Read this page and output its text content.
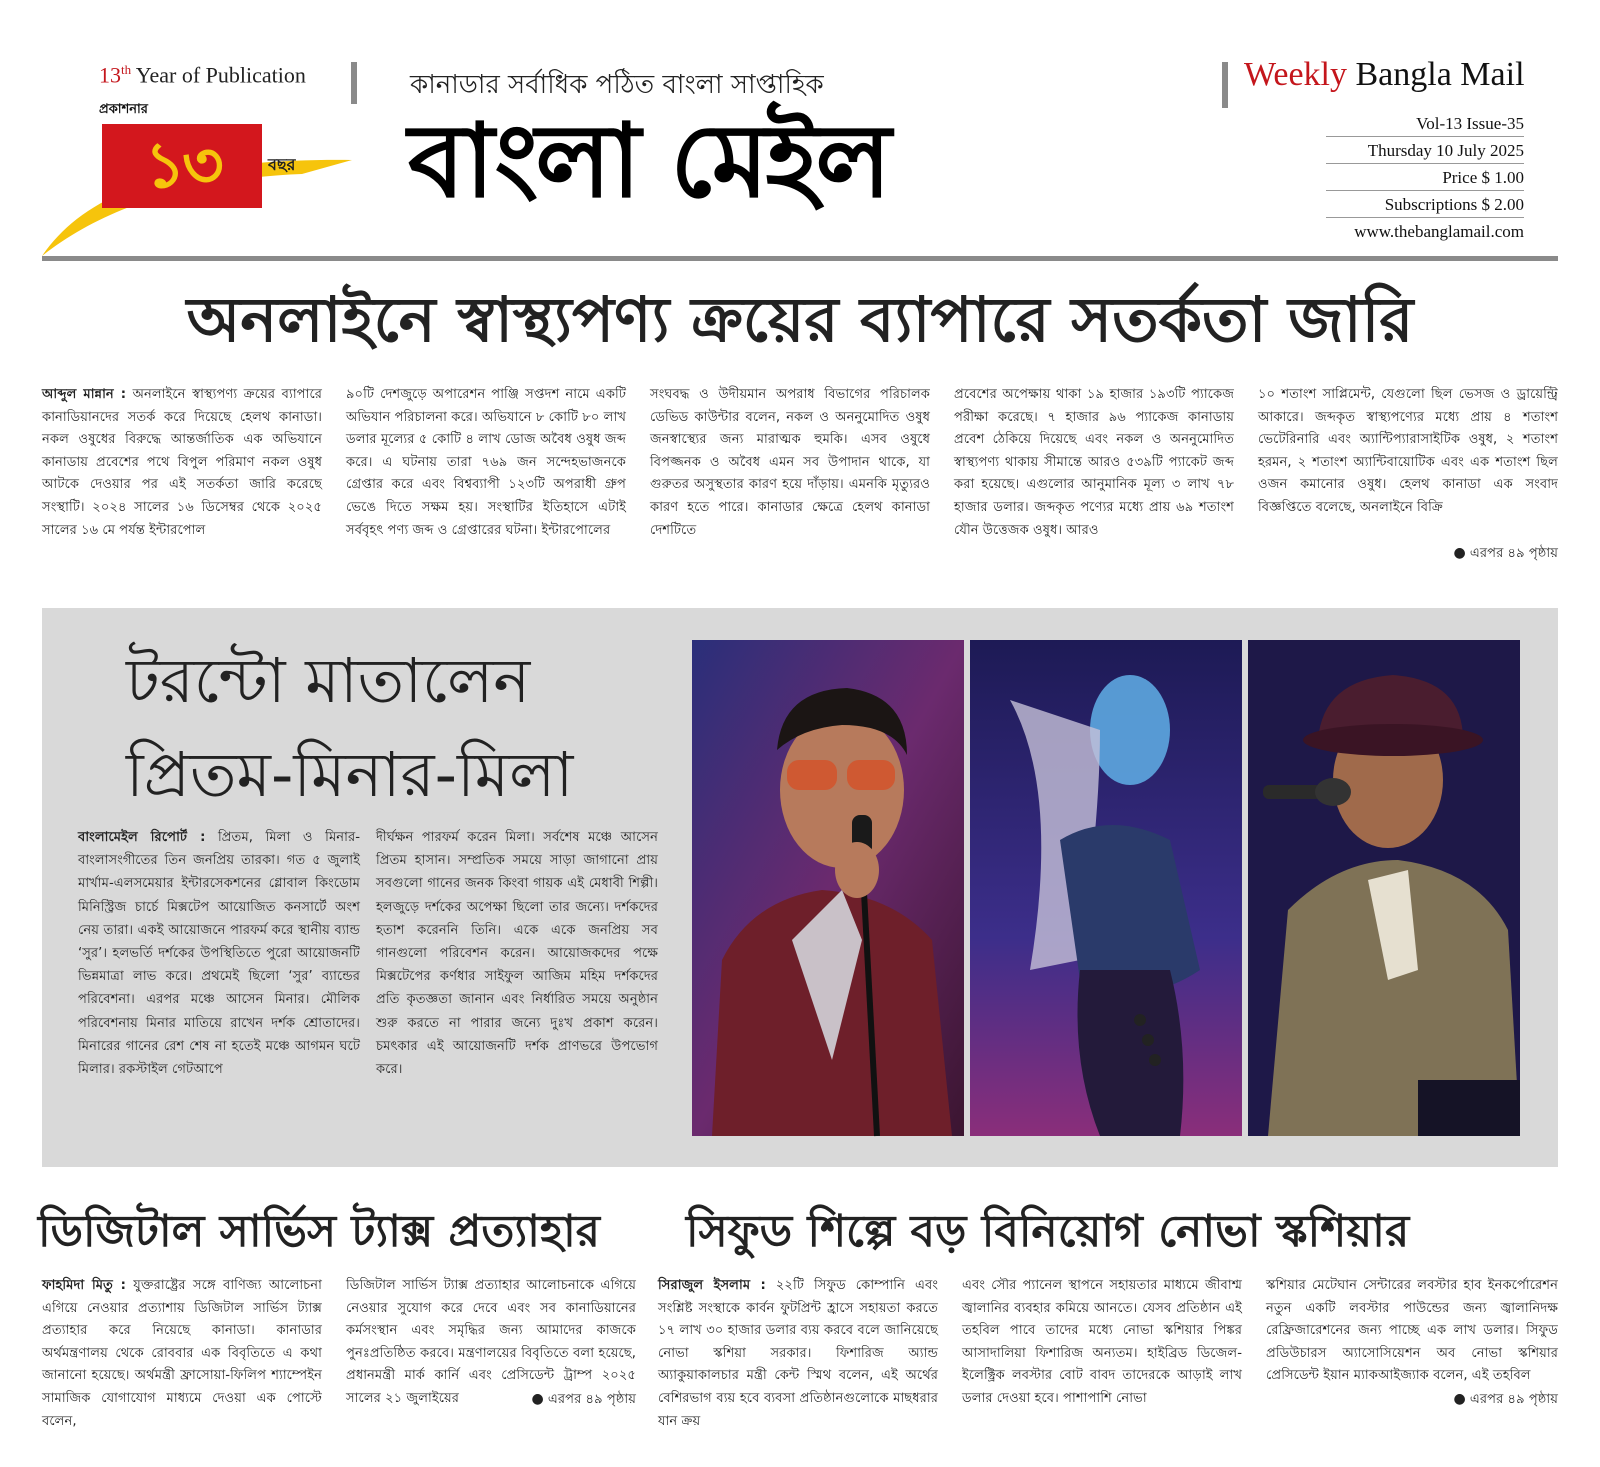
13th Year of Publication
প্রকাশনার
১৩	বছর
কানাডার সর্বাধিক পঠিত বাংলা সাপ্তাহিক
বাংলা মেইল
Weekly Bangla Mail
Vol-13 Issue-35
Thursday 10 July 2025
Price $ 1.00
Subscriptions $ 2.00
www.thebanglamail.com
অনলাইনে স্বাস্থ্যপণ্য ক্রয়ের ব্যাপারে সতর্কতা জারি
আব্দুল মান্নান : অনলাইনে স্বাস্থ্যপণ্য ক্রয়ের ব্যাপারে কানাডিয়ানদের সতর্ক করে দিয়েছে হেলথ কানাডা। নকল ওষুধের বিরুদ্ধে আন্তর্জাতিক এক অভিযানে কানাডায় প্রবেশের পথে বিপুল পরিমাণ নকল ওষুধ আটকে দেওয়ার পর এই সতর্কতা জারি করেছে সংস্থাটি। ২০২৪ সালের ১৬ ডিসেম্বর থেকে ২০২৫ সালের ১৬ মে পর্যন্ত ইন্টারপোল
৯০টি দেশজুড়ে অপারেশন পাঞ্জি সপ্তদশ নামে একটি অভিযান পরিচালনা করে। অভিযানে ৮ কোটি ৮০ লাখ ডলার মূল্যের ৫ কোটি ৪ লাখ ডোজ অবৈধ ওষুধ জব্দ করে। এ ঘটনায় তারা ৭৬৯ জন সন্দেহভাজনকে গ্রেপ্তার করে এবং বিশ্বব্যাপী ১২৩টি অপরাধী গ্রুপ ভেঙে দিতে সক্ষম হয়। সংস্থাটির ইতিহাসে এটাই সর্ববৃহৎ পণ্য জব্দ ও গ্রেপ্তারের ঘটনা। ইন্টারপোলের
সংঘবদ্ধ ও উদীয়মান অপরাধ বিভাগের পরিচালক ডেভিড কাউন্টার বলেন, নকল ও অননুমোদিত ওষুধ জনস্বাস্থ্যের জন্য মারাত্মক হুমকি। এসব ওষুধে বিপজ্জনক ও অবৈধ এমন সব উপাদান থাকে, যা গুরুতর অসুস্থতার কারণ হয়ে দাঁড়ায়। এমনকি মৃত্যুরও কারণ হতে পারে। কানাডার ক্ষেত্রে হেলথ কানাডা দেশটিতে
প্রবেশের অপেক্ষায় থাকা ১৯ হাজার ১৯৩টি প্যাকেজ পরীক্ষা করেছে। ৭ হাজার ৯৬ প্যাকেজ কানাডায় প্রবেশ ঠেকিয়ে দিয়েছে এবং নকল ও অননুমোদিত স্বাস্থ্যপণ্য থাকায় সীমান্তে আরও ৫৩৯টি প্যাকেট জব্দ করা হয়েছে। এগুলোর আনুমানিক মূল্য ৩ লাখ ৭৮ হাজার ডলার। জব্দকৃত পণ্যের মধ্যে প্রায় ৬৯ শতাংশ যৌন উত্তেজক ওষুধ। আরও
১০ শতাংশ সাপ্লিমেন্ট, যেগুলো ছিল ভেসজ ও ড্রায়েন্ট্রি আকারে। জব্দকৃত স্বাস্থ্যপণ্যের মধ্যে প্রায় ৪ শতাংশ ভেটেরিনারি এবং অ্যান্টিপ্যারাসাইটিক ওষুধ, ২ শতাংশ হরমন, ২ শতাংশ অ্যান্টিবায়োটিক এবং এক শতাংশ ছিল ওজন কমানোর ওষুধ। হেলথ কানাডা এক সংবাদ বিজ্ঞপ্তিতে বলেছে, অনলাইনে বিক্রি
● এরপর ৪৯ পৃষ্ঠায়
টরন্টো মাতালেন
প্রিতম-মিনার-মিলা
বাংলামেইল রিপোর্ট : প্রিতম, মিলা ও মিনার-বাংলাসংগীতের তিন জনপ্রিয় তারকা। গত ৫ জুলাই মার্খাম-এলসমেয়ার ইন্টারসেকশনের গ্লোবাল কিংডোম মিনিস্ট্রিজ চার্চে মিক্সটেপ আয়োজিত কনসার্টে অংশ নেয় তারা। একই আয়োজনে পারফর্ম করে স্থানীয় ব্যান্ড ‘সুর’। হলভর্তি দর্শকের উপস্থিতিতে পুরো আয়োজনটি ভিন্নমাত্রা লাভ করে। প্রথমেই ছিলো ‘সুর’ ব্যান্ডের পরিবেশনা। এরপর মঞ্চে আসেন মিনার। মৌলিক পরিবেশনায় মিনার মাতিয়ে রাখেন দর্শক শ্রোতাদের। মিনারের গানের রেশ শেষ না হতেই মঞ্চে আগমন ঘটে মিলার। রকস্টাইল গেটআপে
দীর্ঘক্ষন পারফর্ম করেন মিলা। সর্বশেষ মঞ্চে আসেন প্রিতম হাসান। সম্প্রতিক সময়ে সাড়া জাগানো প্রায় সবগুলো গানের জনক কিংবা গায়ক এই মেধাবী শিল্পী। হলজুড়ে দর্শকের অপেক্ষা ছিলো তার জন্যে। দর্শকদের হতাশ করেননি তিনি। একে একে জনপ্রিয় সব গানগুলো পরিবেশন করেন। আয়োজকদের পক্ষে মিক্সটেপের কর্ণধার সাইফুল আজিম মহিম দর্শকদের প্রতি কৃতজ্ঞতা জানান এবং নির্ধারিত সময়ে অনুষ্ঠান শুরু করতে না পারার জন্যে দুঃখ প্রকাশ করেন। চমৎকার এই আয়োজনটি দর্শক প্রাণভরে উপভোগ করে।
ডিজিটাল সার্ভিস ট্যাক্স প্রত্যাহার
ফাহমিদা মিতু : যুক্তরাষ্ট্রের সঙ্গে বাণিজ্য আলোচনা এগিয়ে নেওয়ার প্রত্যাশায় ডিজিটাল সার্ভিস ট্যাক্স প্রত্যাহার করে নিয়েছে কানাডা। কানাডার অর্থমন্ত্রণালয় থেকে রোববার এক বিবৃতিতে এ কথা জানানো হয়েছে। অর্থমন্ত্রী ফ্রাসোয়া-ফিলিপ শ্যাম্পেইন সামাজিক যোগাযোগ মাধ্যমে দেওয়া এক পোস্টে বলেন,
ডিজিটাল সার্ভিস ট্যাক্স প্রত্যাহার আলোচনাকে এগিয়ে নেওয়ার সুযোগ করে দেবে এবং সব কানাডিয়ানের কর্মসংস্থান এবং সমৃদ্ধির জন্য আমাদের কাজকে পুনঃপ্রতিষ্ঠিত করবে। মন্ত্রণালয়ের বিবৃতিতে বলা হয়েছে, প্রধানমন্ত্রী মার্ক কার্নি এবং প্রেসিডেন্ট ট্রাম্প ২০২৫ সালের ২১ জুলাইয়ের	● এরপর ৪৯ পৃষ্ঠায়
সিফুড শিল্পে বড় বিনিয়োগ নোভা স্কশিয়ার
সিরাজুল ইসলাম : ২২টি সিফুড কোম্পানি এবং সংশ্লিষ্ট সংস্থাকে কার্বন ফুটপ্রিন্ট হ্রাসে সহায়তা করতে ১৭ লাখ ৩০ হাজার ডলার ব্যয় করবে বলে জানিয়েছে নোভা স্কশিয়া সরকার। ফিশারিজ অ্যান্ড অ্যাকুয়াকালচার মন্ত্রী কেন্ট স্মিথ বলেন, এই অর্থের বেশিরভাগ ব্যয় হবে ব্যবসা প্রতিষ্ঠানগুলোকে মাছধরার যান ক্রয়
এবং সৌর প্যানেল স্থাপনে সহায়তার মাধ্যমে জীবাশ্ম জ্বালানির ব্যবহার কমিয়ে আনতে। যেসব প্রতিষ্ঠান এই তহবিল পাবে তাদের মধ্যে নোভা স্কশিয়ার পিঙ্কর আসাদালিয়া ফিশারিজ অন্যতম। হাইব্রিড ডিজেল-ইলেক্ট্রিক লবস্টার বোট বাবদ তাদেরকে আড়াই লাখ ডলার দেওয়া হবে। পাশাপাশি নোভা
স্কশিয়ার মেটেঘান সেন্টারের লবস্টার হাব ইনকর্পোরেশন নতুন একটি লবস্টার পাউন্ডের জন্য জ্বালানিদক্ষ রেফ্রিজারেশনের জন্য পাচ্ছে এক লাখ ডলার। সিফুড প্রডিউচারস অ্যাসোসিয়েশন অব নোভা স্কশিয়ার প্রেসিডেন্ট ইয়ান ম্যাকআইজ্যাক বলেন, এই তহবিল
● এরপর ৪৯ পৃষ্ঠায়
